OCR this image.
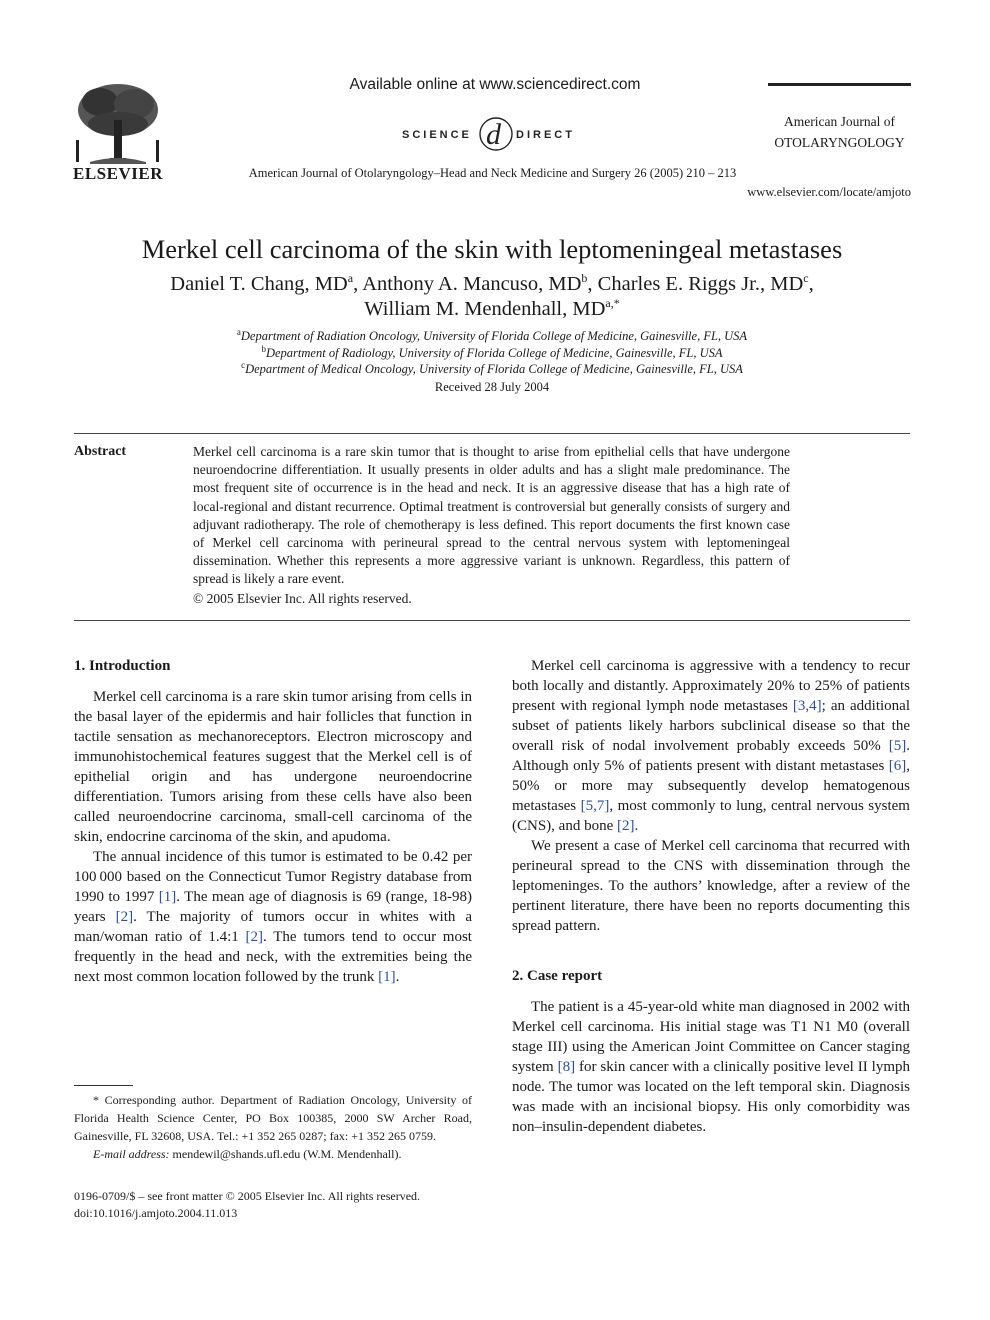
ELSEVIER
Available online at www.sciencedirect.com
SCIENCE d DIRECT
American Journal of Otolaryngology–Head and Neck Medicine and Surgery 26 (2005) 210 – 213
American Journal of
OTOLARYNGOLOGY
www.elsevier.com/locate/amjoto
Merkel cell carcinoma of the skin with leptomeningeal metastases
Daniel T. Chang, $MD^a$, Anthony A. Mancuso, $MD^b$, Charles E. Riggs Jr., $MD^c$,
William M. Mendenhall, $MD^{a,*}$
$^a$Department of Radiation Oncology, University of Florida College of Medicine, Gainesville, FL, USA
$^b$Department of Radiology, University of Florida College of Medicine, Gainesville, FL, USA
$^c$Department of Medical Oncology, University of Florida College of Medicine, Gainesville, FL, USA
Received 28 July 2004
Abstract	Merkel cell carcinoma is a rare skin tumor that is thought to arise from epithelial cells that have undergone neuroendocrine differentiation. It usually presents in older adults and has a slight male predominance. The most frequent site of occurrence is in the head and neck. It is an aggressive disease that has a high rate of local-regional and distant recurrence. Optimal treatment is controversial but generally consists of surgery and adjuvant radiotherapy. The role of chemotherapy is less defined. This report documents the first known case of Merkel cell carcinoma with perineural spread to the central nervous system with leptomeningeal dissemination. Whether this represents a more aggressive variant is unknown. Regardless, this pattern of spread is likely a rare event.
© 2005 Elsevier Inc. All rights reserved.
1. Introduction

Merkel cell carcinoma is a rare skin tumor arising from cells in the basal layer of the epidermis and hair follicles that function in tactile sensation as mechanoreceptors. Electron microscopy and immunohistochemical features suggest that the Merkel cell is of epithelial origin and has undergone neuroendocrine differentiation. Tumors arising from these cells have also been called neuroendocrine carcinoma, small-cell carcinoma of the skin, endocrine carcinoma of the skin, and apudoma.

The annual incidence of this tumor is estimated to be 0.42 per 100 000 based on the Connecticut Tumor Registry database from 1990 to 1997 [1]. The mean age of diagnosis is 69 (range, 18-98) years [2]. The majority of tumors occur in whites with a man/woman ratio of 1.4:1 [2]. The tumors tend to occur most frequently in the head and neck, with the extremities being the next most common location followed by the trunk [1].

Merkel cell carcinoma is aggressive with a tendency to recur both locally and distantly. Approximately 20% to 25% of patients present with regional lymph node metastases [3,4]; an additional subset of patients likely harbors subclinical disease so that the overall risk of nodal involvement probably exceeds 50% [5]. Although only 5% of patients present with distant metastases [6], 50% or more may subsequently develop hematogenous metastases [5,7], most commonly to lung, central nervous system (CNS), and bone [2].

We present a case of Merkel cell carcinoma that recurred with perineural spread to the CNS with dissemination through the leptomeninges. To the authors’ knowledge, after a review of the pertinent literature, there have been no reports documenting this spread pattern.

2. Case report

The patient is a 45-year-old white man diagnosed in 2002 with Merkel cell carcinoma. His initial stage was T1 N1 M0 (overall stage III) using the American Joint Committee on Cancer staging system [8] for skin cancer with a clinically positive level II lymph node. The tumor was located on the left temporal skin. Diagnosis was made with an incisional biopsy. His only comorbidity was non–insulin-dependent diabetes.

* Corresponding author. Department of Radiation Oncology, University of Florida Health Science Center, PO Box 100385, 2000 SW Archer Road, Gainesville, FL 32608, USA. Tel.: +1 352 265 0287; fax: +1 352 265 0759.

E-mail address: mendewil@shands.ufl.edu (W.M. Mendenhall).

0196-0709/$ – see front matter © 2005 Elsevier Inc. All rights reserved.
doi:10.1016/j.amjoto.2004.11.013
